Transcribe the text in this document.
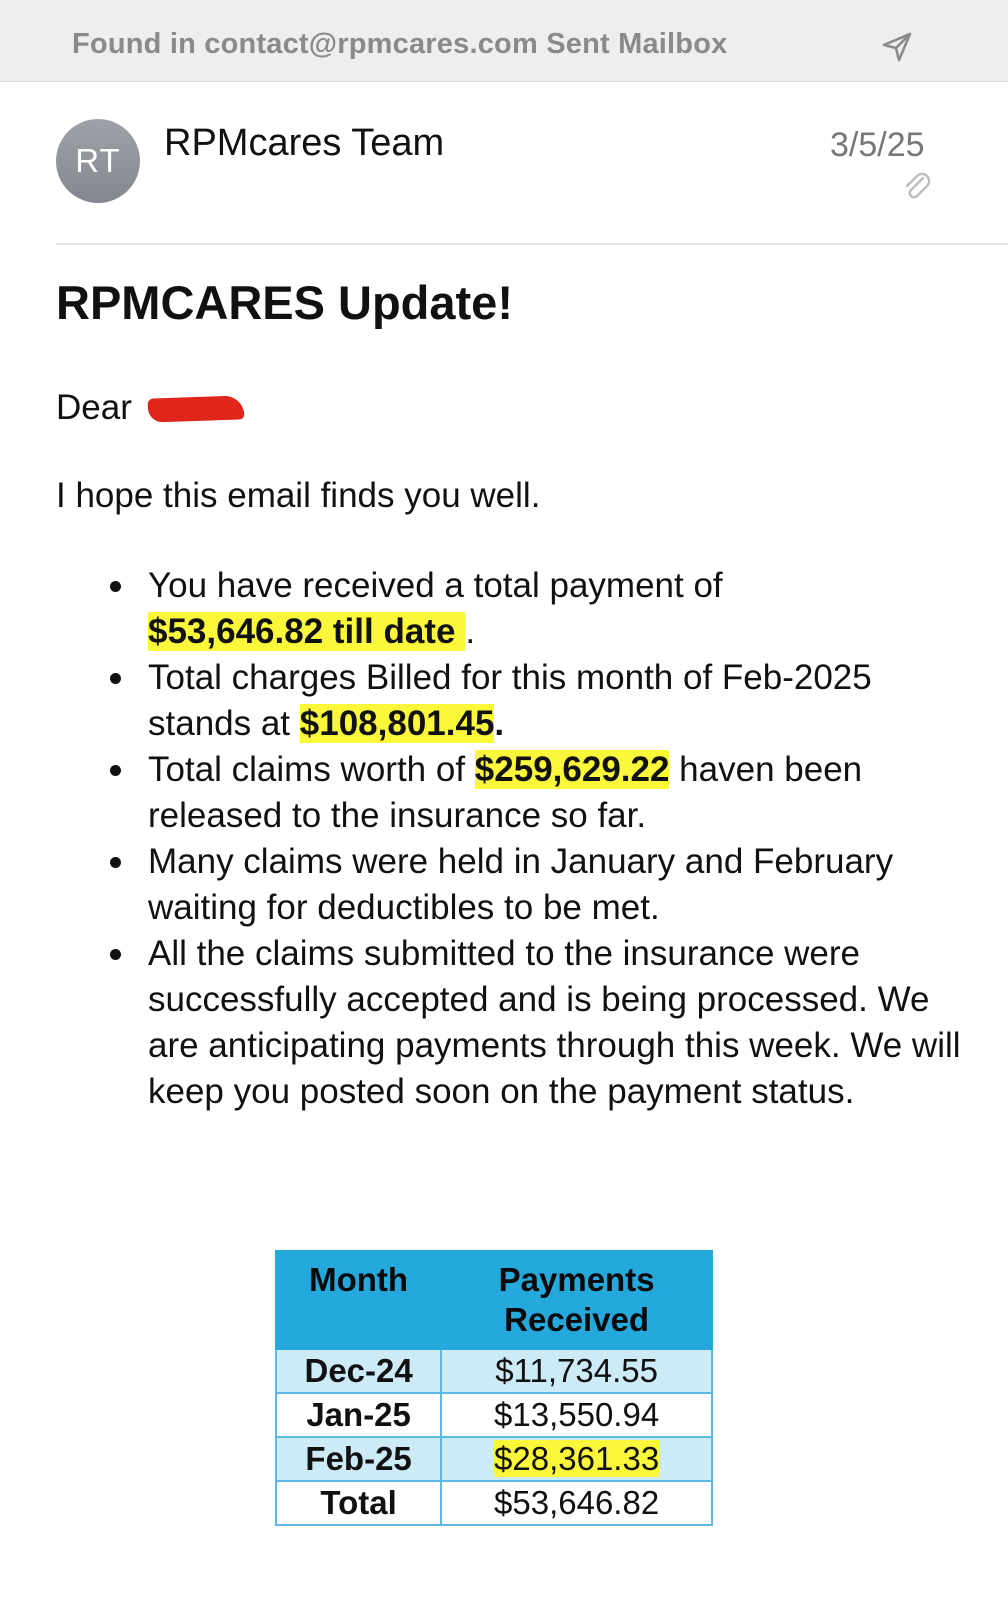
Found in contact@rpmcares.com Sent Mailbox
RT	RPMcares Team	3/5/25
RPMCARES Update!
Dear
I hope this email finds you well.
You have received a total payment of
$53,646.82 till date .
Total charges Billed for this month of Feb-2025 stands at $108,801.45.
Total claims worth of $259,629.22 haven been released to the insurance so far.
Many claims were held in January and February waiting for deductibles to be met.
All the claims submitted to the insurance were successfully accepted and is being processed. We are anticipating payments through this week. We will keep you posted soon on the payment status.
Month	Payments
Received
Dec-24	$11,734.55
Jan-25	$13,550.94
Feb-25	$28,361.33
Total	$53,646.82
